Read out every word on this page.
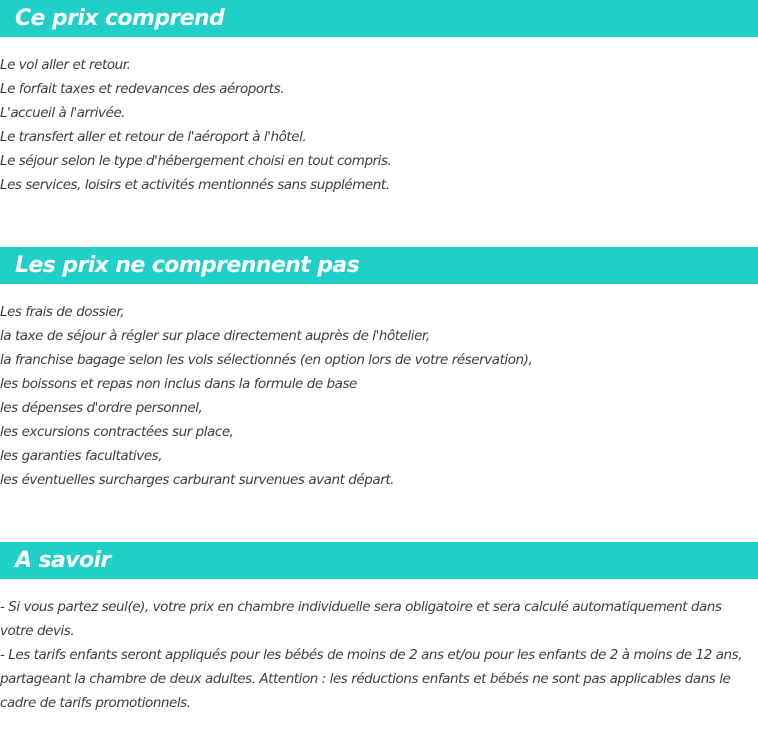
Ce prix comprend
Le vol aller et retour.
Le forfait taxes et redevances des aéroports.
L'accueil à l'arrivée.
Le transfert aller et retour de l'aéroport à l'hôtel.
Le séjour selon le type d'hébergement choisi en tout compris.
Les services, loisirs et activités mentionnés sans supplément.
Les prix ne comprennent pas
Les frais de dossier,
la taxe de séjour à régler sur place directement auprès de l'hôtelier,
la franchise bagage selon les vols sélectionnés (en option lors de votre réservation),
les boissons et repas non inclus dans la formule de base
les dépenses d'ordre personnel,
les excursions contractées sur place,
les garanties facultatives,
les éventuelles surcharges carburant survenues avant départ.
A savoir
- Si vous partez seul(e), votre prix en chambre individuelle sera obligatoire et sera calculé automatiquement dans votre devis.
- Les tarifs enfants seront appliqués pour les bébés de moins de 2 ans et/ou pour les enfants de 2 à moins de 12 ans, partageant la chambre de deux adultes. Attention : les réductions enfants et bébés ne sont pas applicables dans le cadre de tarifs promotionnels.
